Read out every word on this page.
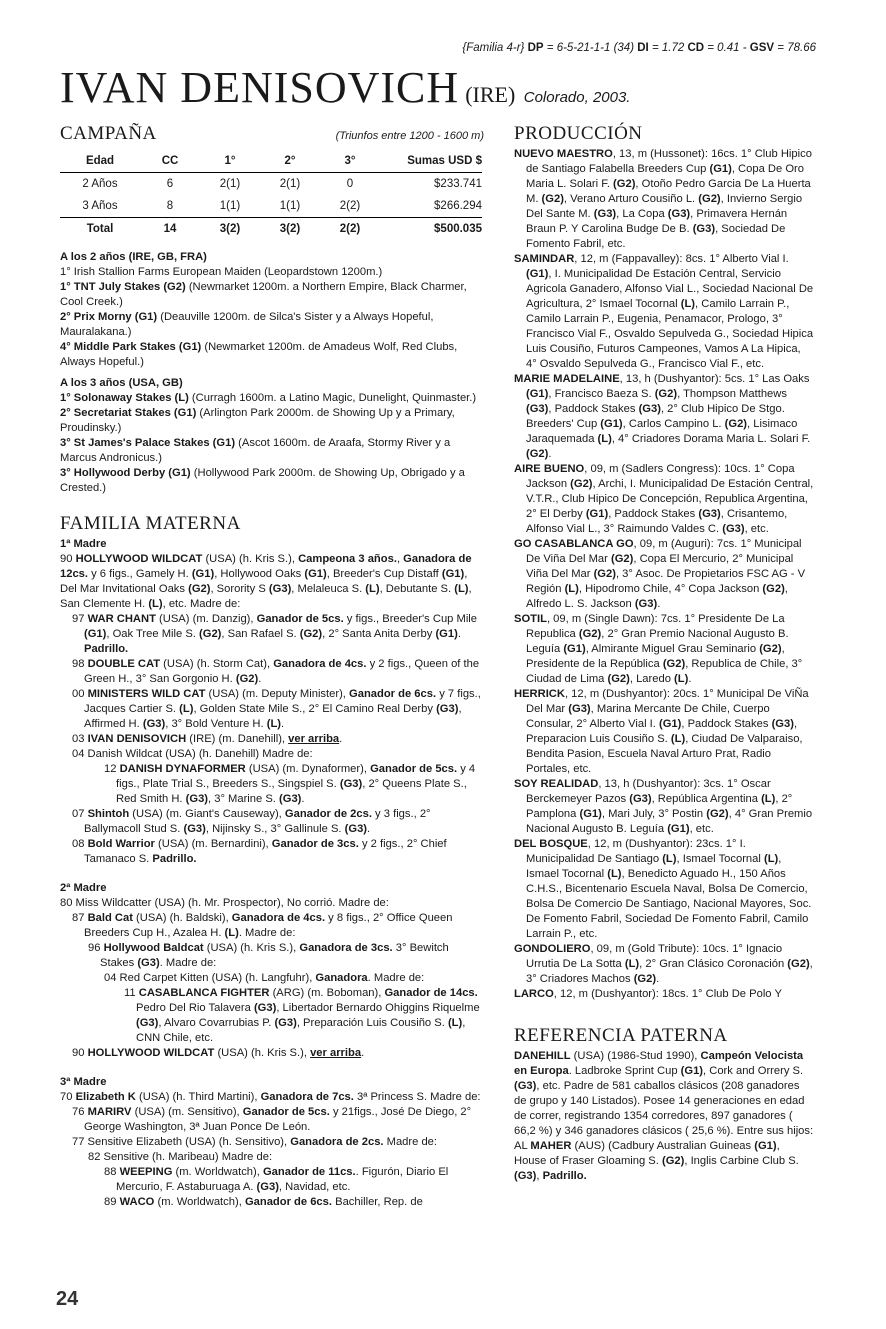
{Familia 4-r} DP = 6-5-21-1-1 (34) DI = 1.72 CD = 0.41 - GSV = 78.66
IVAN DENISOVICH (IRE) Colorado, 2003.
CAMPAÑA	(Triunfos entre 1200 - 1600 m)
Edad	CC	1°	2°	3°	Sumas USD $
2 Años	6	2(1)	2(1)	0	$233.741
3 Años	8	1(1)	1(1)	2(2)	$266.294
Total	14	3(2)	3(2)	2(2)	$500.035

A los 2 años (IRE, GB, FRA)

1° Irish Stallion Farms European Maiden (Leopardstown 1200m.)

1° TNT July Stakes (G2) (Newmarket 1200m. a Northern Empire, Black Charmer, Cool Creek.)

2° Prix Morny (G1) (Deauville 1200m. de Silca's Sister y a Always Hopeful, Mauralakana.)

4° Middle Park Stakes (G1) (Newmarket 1200m. de Amadeus Wolf, Red Clubs, Always Hopeful.)

A los 3 años (USA, GB)

1° Solonaway Stakes (L) (Curragh 1600m. a Latino Magic, Dunelight, Quinmaster.)

2° Secretariat Stakes (G1) (Arlington Park 2000m. de Showing Up y a Primary, Proudinsky.)

3° St James's Palace Stakes (G1) (Ascot 1600m. de Araafa, Stormy River y a Marcus Andronicus.)

3° Hollywood Derby (G1) (Hollywood Park 2000m. de Showing Up, Obrigado y a Crested.)

FAMILIA MATERNA

1ª Madre

90 HOLLYWOOD WILDCAT (USA) (h. Kris S.), Campeona 3 años., Ganadora de 12cs. y 6 figs., Gamely H. (G1), Hollywood Oaks (G1), Breeder's Cup Distaff (G1), Del Mar Invitational Oaks (G2), Sorority S (G3), Melaleuca S. (L), Debutante S. (L), San Clemente H. (L), etc. Madre de:

97 WAR CHANT (USA) (m. Danzig), Ganador de 5cs. y figs., Breeder's Cup Mile (G1), Oak Tree Mile S. (G2), San Rafael S. (G2), 2° Santa Anita Derby (G1). Padrillo.

98 DOUBLE CAT (USA) (h. Storm Cat), Ganadora de 4cs. y 2 figs., Queen of the Green H., 3° San Gorgonio H. (G2).

00 MINISTERS WILD CAT (USA) (m. Deputy Minister), Ganador de 6cs. y 7 figs., Jacques Cartier S. (L), Golden State Mile S., 2° El Camino Real Derby (G3), Affirmed H. (G3), 3° Bold Venture H. (L).

03 IVAN DENISOVICH (IRE) (m. Danehill), ver arriba.

04 Danish Wildcat (USA) (h. Danehill) Madre de:

12 DANISH DYNAFORMER (USA) (m. Dynaformer), Ganador de 5cs. y 4 figs., Plate Trial S., Breeders S., Singspiel S. (G3), 2° Queens Plate S., Red Smith H. (G3), 3° Marine S. (G3).

07 Shintoh (USA) (m. Giant's Causeway), Ganador de 2cs. y 3 figs., 2° Ballymacoll Stud S. (G3), Nijinsky S., 3° Gallinule S. (G3).

08 Bold Warrior (USA) (m. Bernardini), Ganador de 3cs. y 2 figs., 2° Chief Tamanaco S. Padrillo.

2ª Madre

80 Miss Wildcatter (USA) (h. Mr. Prospector), No corrió. Madre de:

87 Bald Cat (USA) (h. Baldski), Ganadora de 4cs. y 8 figs., 2° Office Queen Breeders Cup H., Azalea H. (L). Madre de:

96 Hollywood Baldcat (USA) (h. Kris S.), Ganadora de 3cs. 3° Bewitch Stakes (G3). Madre de:

04 Red Carpet Kitten (USA) (h. Langfuhr), Ganadora. Madre de:

11 CASABLANCA FIGHTER (ARG) (m. Boboman), Ganador de 14cs. Pedro Del Rio Talavera (G3), Libertador Bernardo Ohiggins Riquelme (G3), Alvaro Covarrubias P. (G3), Preparación Luis Cousiño S. (L), CNN Chile, etc.

90 HOLLYWOOD WILDCAT (USA) (h. Kris S.), ver arriba.

3ª Madre

70 Elizabeth K (USA) (h. Third Martini), Ganadora de 7cs. 3ª Princess S. Madre de:

76 MARIRV (USA) (m. Sensitivo), Ganador de 5cs. y 21figs., José De Diego, 2° George Washington, 3ª Juan Ponce De León.

77 Sensitive Elizabeth (USA) (h. Sensitivo), Ganadora de 2cs. Madre de:

82 Sensitive (h. Maribeau) Madre de:

88 WEEPING (m. Worldwatch), Ganador de 11cs.. Figurón, Diario El Mercurio, F. Astaburuaga A. (G3), Navidad, etc.

89 WACO (m. Worldwatch), Ganador de 6cs. Bachiller, Rep. de

PRODUCCIÓN

NUEVO MAESTRO, 13, m (Hussonet): 16cs. 1° Club Hipico de Santiago Falabella Breeders Cup (G1), Copa De Oro Maria L. Solari F. (G2), Otoño Pedro Garcia De La Huerta M. (G2), Verano Arturo Cousiño L. (G2), Invierno Sergio Del Sante M. (G3), La Copa (G3), Primavera Hernán Braun P. Y Carolina Budge De B. (G3), Sociedad De Fomento Fabril, etc.

SAMINDAR, 12, m (Fappavalley): 8cs. 1° Alberto Vial I. (G1), I. Municipalidad De Estación Central, Servicio Agricola Ganadero, Alfonso Vial L., Sociedad Nacional De Agricultura, 2° Ismael Tocornal (L), Camilo Larrain P., Camilo Larrain P., Eugenia, Penamacor, Prologo, 3° Francisco Vial F., Osvaldo Sepulveda G., Sociedad Hipica Luis Cousiño, Futuros Campeones, Vamos A La Hipica, 4° Osvaldo Sepulveda G., Francisco Vial F., etc.

MARIE MADELAINE, 13, h (Dushyantor): 5cs. 1° Las Oaks (G1), Francisco Baeza S. (G2), Thompson Matthews (G3), Paddock Stakes (G3), 2° Club Hipico De Stgo. Breeders' Cup (G1), Carlos Campino L. (G2), Lisimaco Jaraquemada (L), 4° Criadores Dorama Maria L. Solari F. (G2).

AIRE BUENO, 09, m (Sadlers Congress): 10cs. 1° Copa Jackson (G2), Archi, I. Municipalidad De Estación Central, V.T.R., Club Hipico De Concepción, Republica Argentina, 2° El Derby (G1), Paddock Stakes (G3), Crisantemo, Alfonso Vial L., 3° Raimundo Valdes C. (G3), etc.

GO CASABLANCA GO, 09, m (Auguri): 7cs. 1° Municipal De Viña Del Mar (G2), Copa El Mercurio, 2° Municipal Viña Del Mar (G2), 3° Asoc. De Propietarios FSC AG - V Región (L), Hipodromo Chile, 4° Copa Jackson (G2), Alfredo L. S. Jackson (G3).

SOTIL, 09, m (Single Dawn): 7cs. 1° Presidente De La Republica (G2), 2° Gran Premio Nacional Augusto B. Leguía (G1), Almirante Miguel Grau Seminario (G2), Presidente de la República (G2), Republica de Chile, 3° Ciudad de Lima (G2), Laredo (L).

HERRICK, 12, m (Dushyantor): 20cs. 1° Municipal De ViÑa Del Mar (G3), Marina Mercante De Chile, Cuerpo Consular, 2° Alberto Vial I. (G1), Paddock Stakes (G3), Preparacion Luis Cousiño S. (L), Ciudad De Valparaiso, Bendita Pasion, Escuela Naval Arturo Prat, Radio Portales, etc.

SOY REALIDAD, 13, h (Dushyantor): 3cs. 1° Oscar Berckemeyer Pazos (G3), República Argentina (L), 2° Pamplona (G1), Mari July, 3° Postin (G2), 4° Gran Premio Nacional Augusto B. Leguía (G1), etc.

DEL BOSQUE, 12, m (Dushyantor): 23cs. 1° I. Municipalidad De Santiago (L), Ismael Tocornal (L), Ismael Tocornal (L), Benedicto Aguado H., 150 Años C.H.S., Bicentenario Escuela Naval, Bolsa De Comercio, Bolsa De Comercio De Santiago, Nacional Mayores, Soc. De Fomento Fabril, Sociedad De Fomento Fabril, Camilo Larrain P., etc.

GONDOLIERO, 09, m (Gold Tribute): 10cs. 1° Ignacio Urrutia De La Sotta (L), 2° Gran Clásico Coronación (G2), 3° Criadores Machos (G2).

LARCO, 12, m (Dushyantor): 18cs. 1° Club De Polo Y

REFERENCIA PATERNA

DANEHILL (USA) (1986-Stud 1990), Campeón Velocista en Europa. Ladbroke Sprint Cup (G1), Cork and Orrery S. (G3), etc. Padre de 581 caballos clásicos (208 ganadores de grupo y 140 Listados). Posee 14 generaciones en edad de correr, registrando 1354 corredores, 897 ganadores ( 66,2 %) y 346 ganadores clásicos ( 25,6 %). Entre sus hijos:

AL MAHER (AUS) (Cadbury Australian Guineas (G1), House of Fraser Gloaming S. (G2), Inglis Carbine Club S. (G3), Padrillo.

24
